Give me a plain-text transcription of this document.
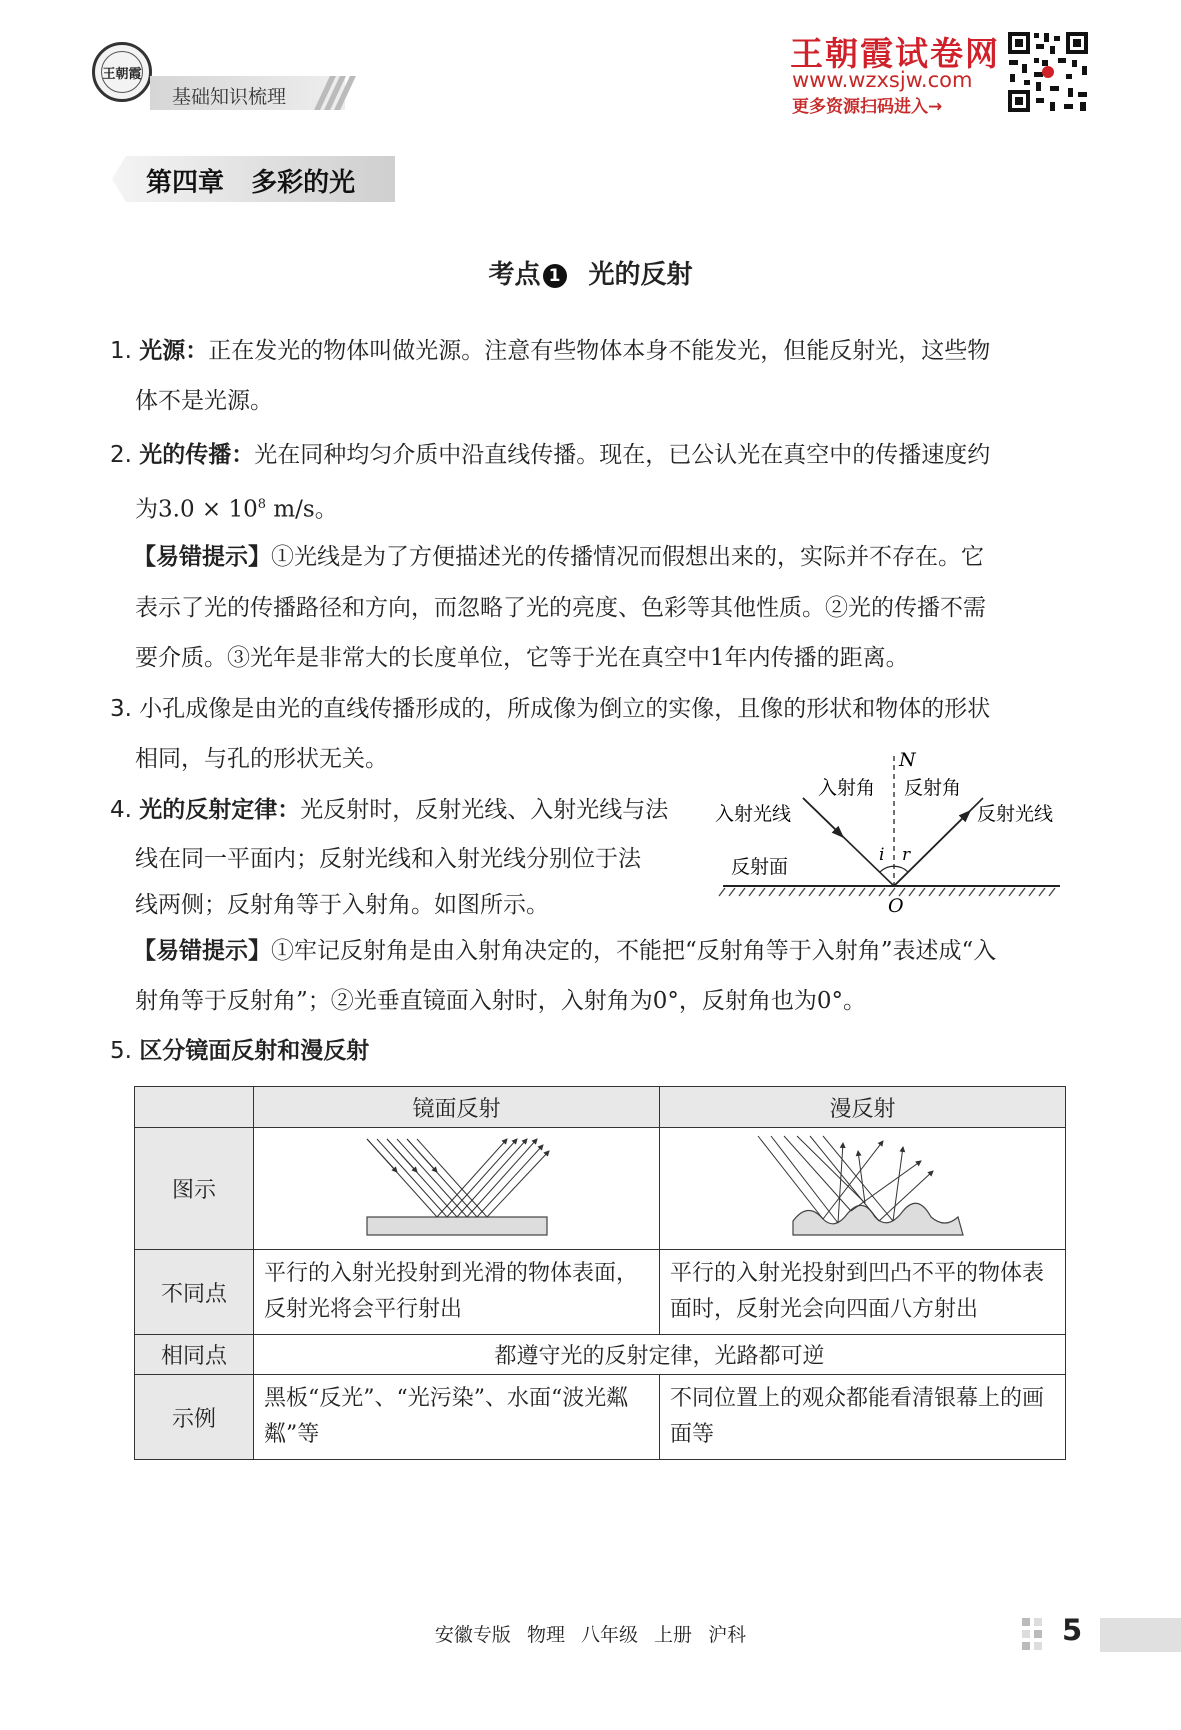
王朝霞
基础知识梳理
王朝霞试卷网
www.wzxsjw.com
更多资源扫码进入→
第四章   多彩的光
考点 1 光的反射
1. 光源：正在发光的物体叫做光源。注意有些物体本身不能发光，但能反射光，这些物
体不是光源。
2. 光的传播：光在同种均匀介质中沿直线传播。现在，已公认光在真空中的传播速度约
为$3.0 \times 10^8$ m/s。
【易错提示】①光线是为了方便描述光的传播情况而假想出来的，实际并不存在。它
表示了光的传播路径和方向，而忽略了光的亮度、色彩等其他性质。②光的传播不需
要介质。③光年是非常大的长度单位，它等于光在真空中1年内传播的距离。
3. 小孔成像是由光的直线传播形成的，所成像为倒立的实像，且像的形状和物体的形状
相同，与孔的形状无关。
4. 光的反射定律：光反射时，反射光线、入射光线与法
线在同一平面内；反射光线和入射光线分别位于法
线两侧；反射角等于入射角。如图所示。
N
入射角 反射角
入射光线	反射光线
反射面
i r
O
【易错提示】①牢记反射角是由入射角决定的，不能把“反射角等于入射角”表述成“入
射角等于反射角”；②光垂直镜面入射时，入射角为0°，反射角也为0°。
5. 区分镜面反射和漫反射
	镜面反射	漫反射
图示		
不同点	平行的入射光投射到光滑的物体表面，反射光将会平行射出	平行的入射光投射到凹凸不平的物体表面时，反射光会向四面八方射出
相同点	都遵守光的反射定律，光路都可逆	
示例	黑板“反光”、“光污染”、水面“波光粼粼”等	不同位置上的观众都能看清银幕上的画面等
安徽专版 物理 八年级 上册 沪科	5
